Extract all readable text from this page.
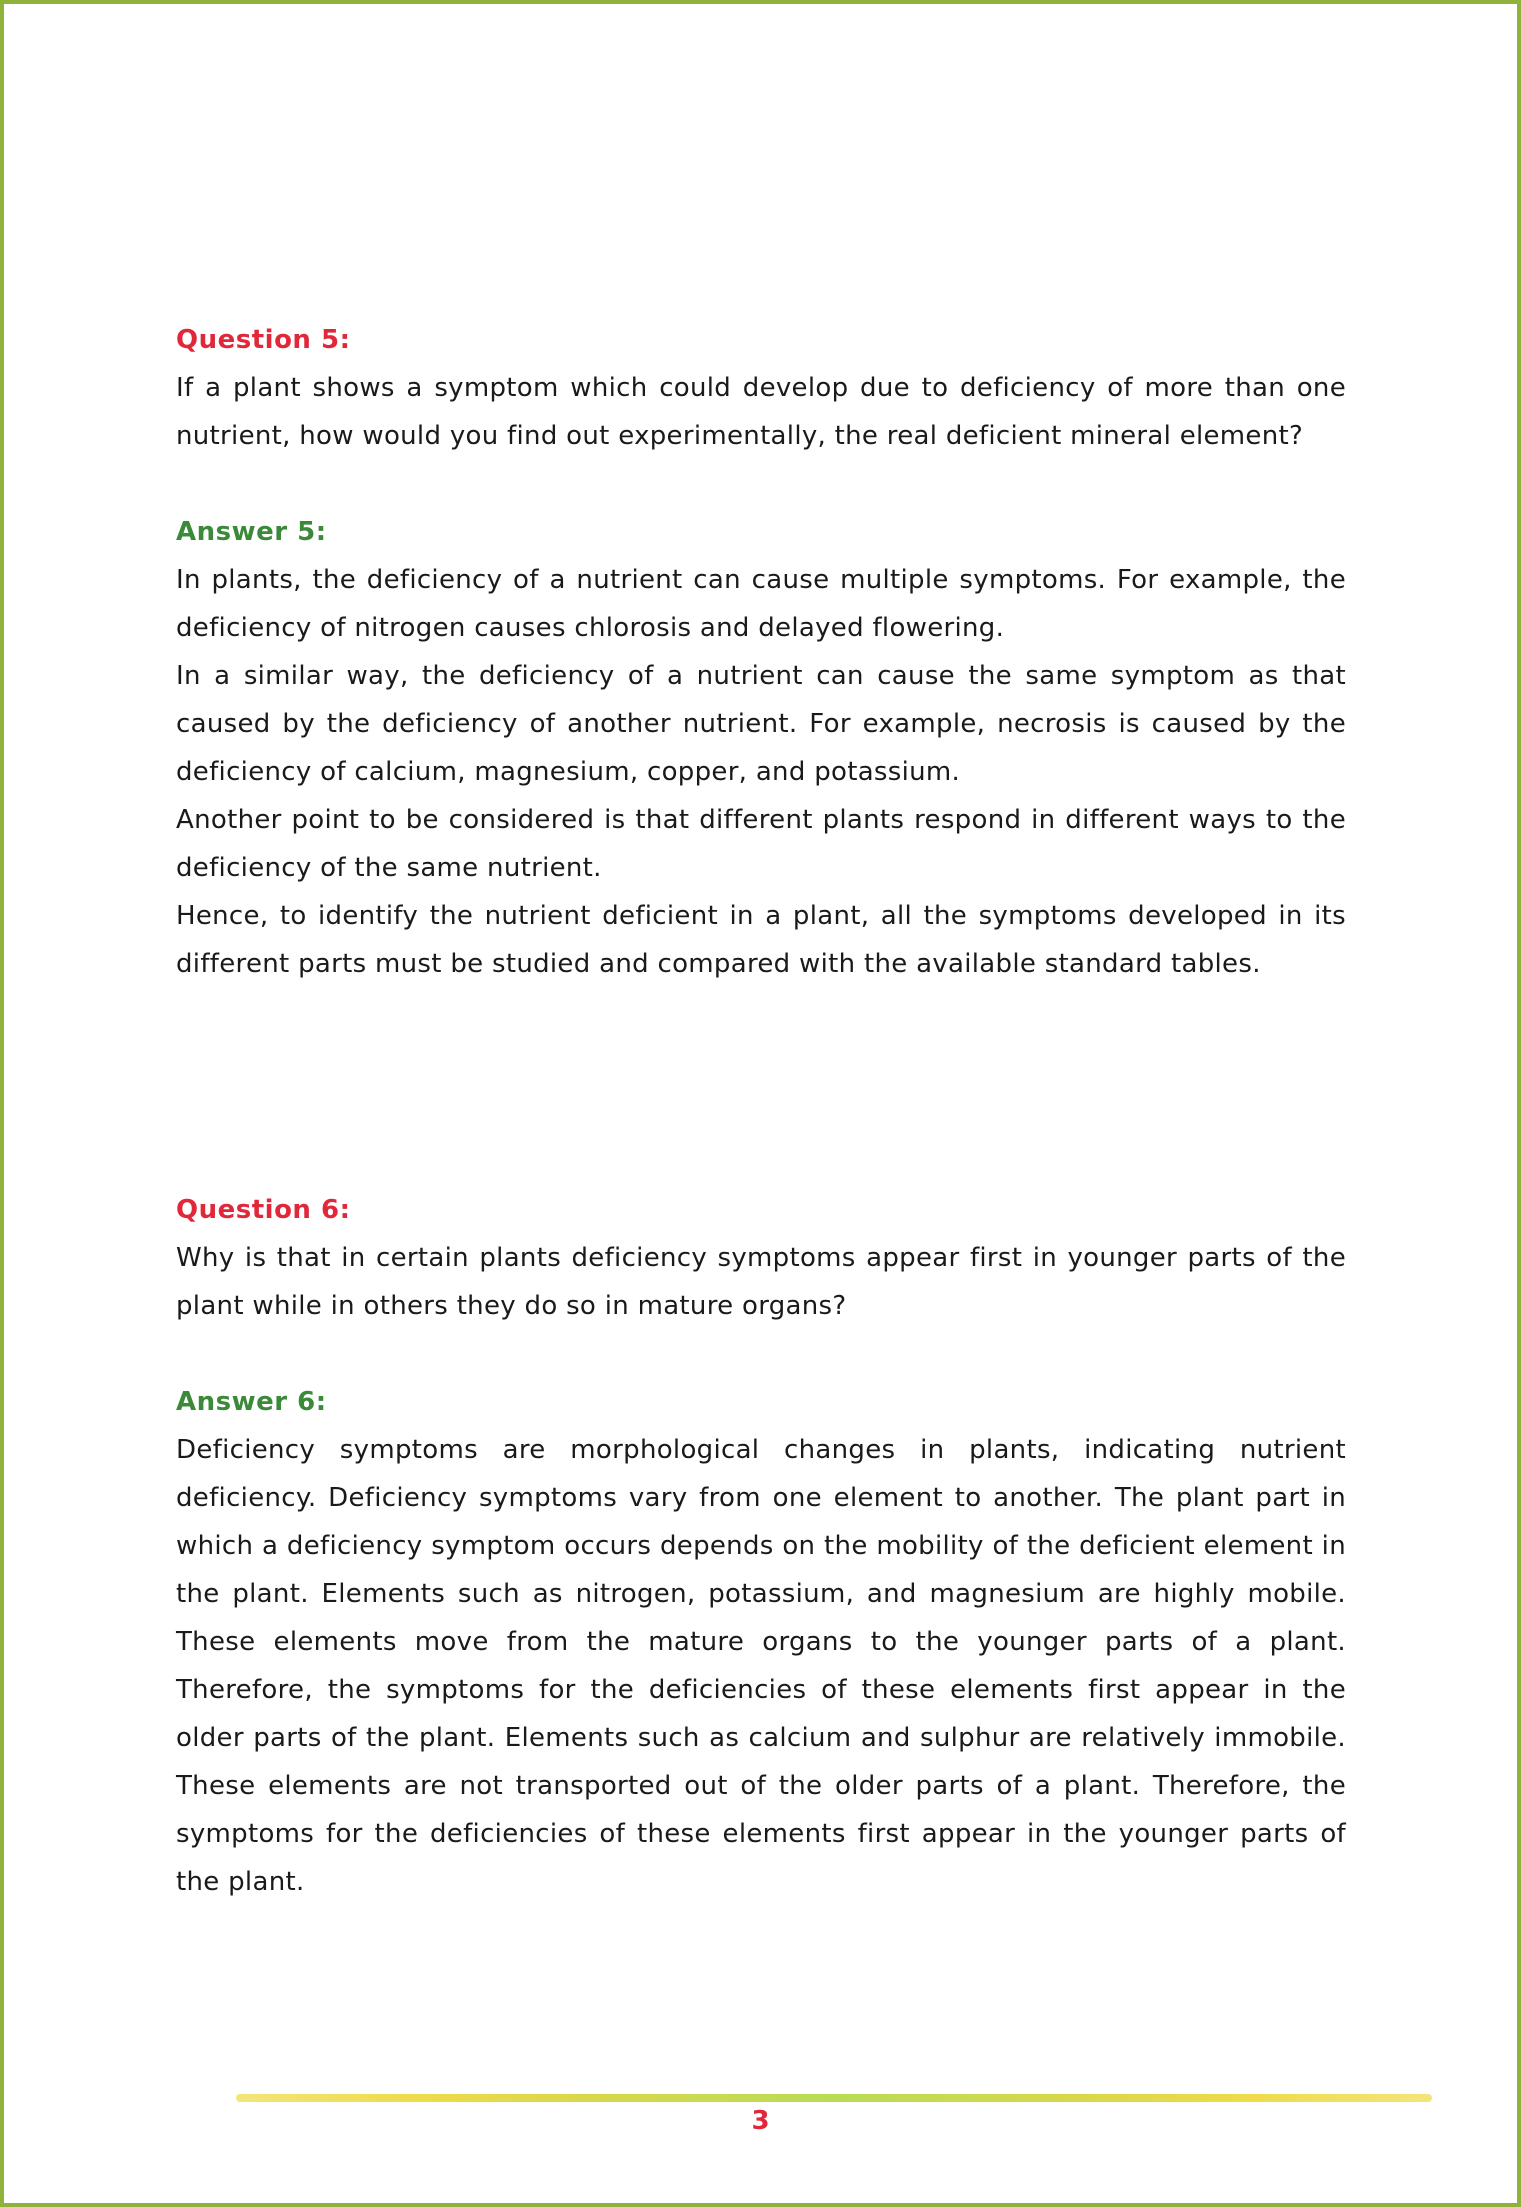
Question 5:

If a plant shows a symptom which could develop due to deficiency of more than one nutrient, how would you find out experimentally, the real deficient mineral element?

Answer 5:

In plants, the deficiency of a nutrient can cause multiple symptoms. For example, the deficiency of nitrogen causes chlorosis and delayed flowering.

In a similar way, the deficiency of a nutrient can cause the same symptom as that caused by the deficiency of another nutrient. For example, necrosis is caused by the deficiency of calcium, magnesium, copper, and potassium.

Another point to be considered is that different plants respond in different ways to the deficiency of the same nutrient.

Hence, to identify the nutrient deficient in a plant, all the symptoms developed in its different parts must be studied and compared with the available standard tables.

Question 6:

Why is that in certain plants deficiency symptoms appear first in younger parts of the plant while in others they do so in mature organs?

Answer 6:

Deficiency symptoms are morphological changes in plants, indicating nutrient deficiency. Deficiency symptoms vary from one element to another. The plant part in which a deficiency symptom occurs depends on the mobility of the deficient element in the plant. Elements such as nitrogen, potassium, and magnesium are highly mobile. These elements move from the mature organs to the younger parts of a plant. Therefore, the symptoms for the deficiencies of these elements first appear in the older parts of the plant. Elements such as calcium and sulphur are relatively immobile. These elements are not transported out of the older parts of a plant. Therefore, the symptoms for the deficiencies of these elements first appear in the younger parts of the plant.

3
